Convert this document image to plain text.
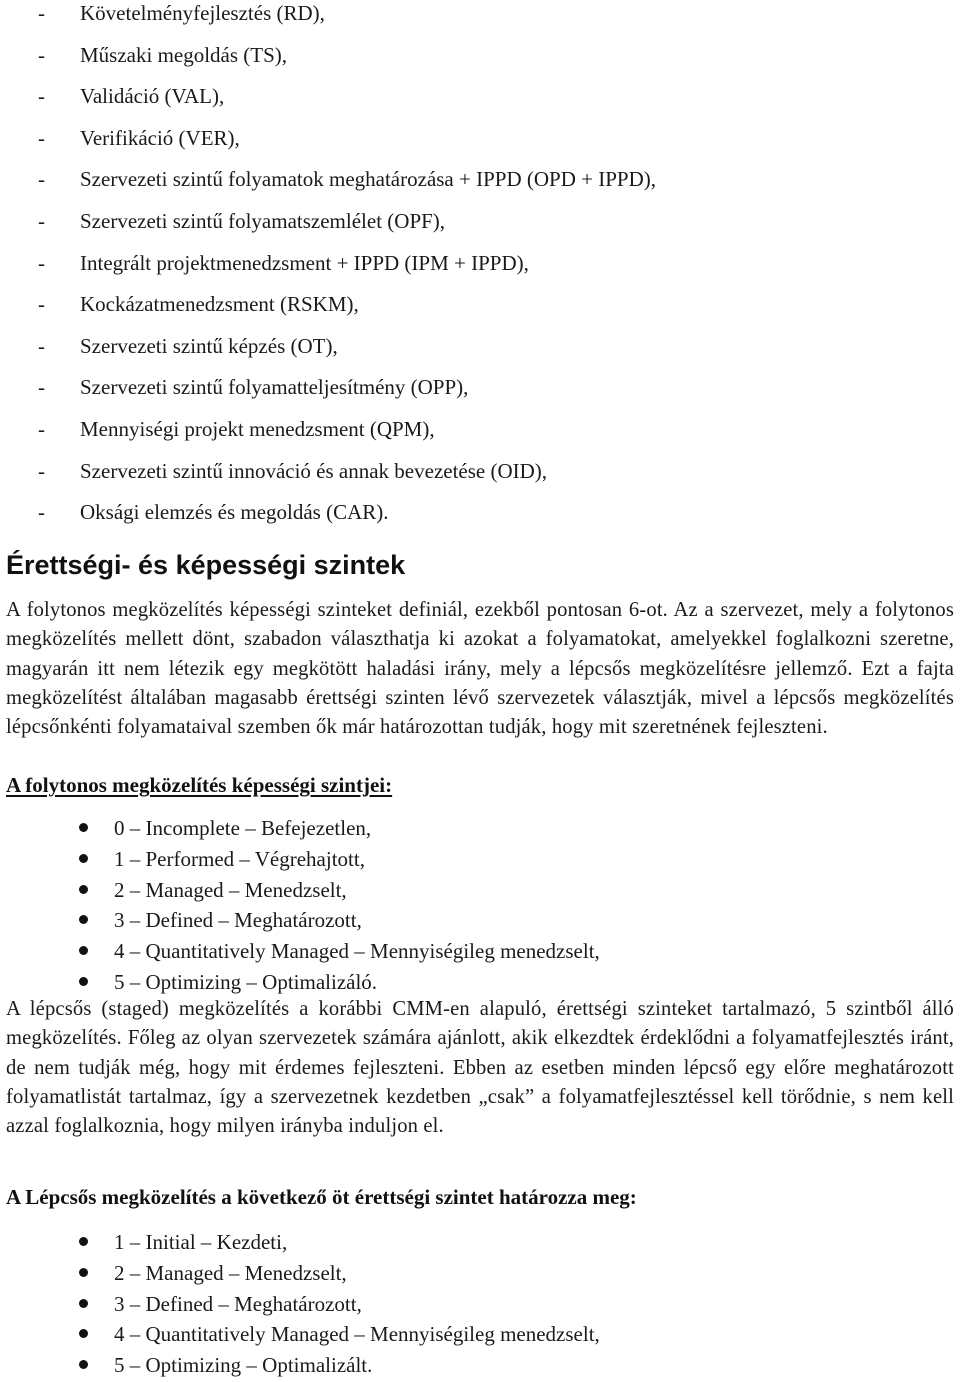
- Követelményfejlesztés (RD),
- Műszaki megoldás (TS),
- Validáció (VAL),
- Verifikáció (VER),
- Szervezeti szintű folyamatok meghatározása + IPPD (OPD + IPPD),
- Szervezeti szintű folyamatszemlélet (OPF),
- Integrált projektmenedzsment + IPPD (IPM + IPPD),
- Kockázatmenedzsment (RSKM),
- Szervezeti szintű képzés (OT),
- Szervezeti szintű folyamatteljesítmény (OPP),
- Mennyiségi projekt menedzsment (QPM),
- Szervezeti szintű innováció és annak bevezetése (OID),
- Oksági elemzés és megoldás (CAR).
Érettségi- és képességi szintek

A folytonos megközelítés képességi szinteket definiál, ezekből pontosan 6-ot. Az a szervezet, mely a folytonos megközelítés mellett dönt, szabadon választhatja ki azokat a folyamatokat, amelyekkel foglalkozni szeretne, magyarán itt nem létezik egy megkötött haladási irány, mely a lépcsős megközelítésre jellemző. Ezt a fajta megközelítést általában magasabb érettségi szinten lévő szervezetek választják, mivel a lépcsős megközelítés lépcsőnkénti folyamataival szemben ők már határozottan tudják, hogy mit szeretnének fejleszteni.

A folytonos megközelítés képességi szintjei:

0 – Incomplete – Befejezetlen,
1 – Performed – Végrehajtott,
2 – Managed – Menedzselt,
3 – Defined – Meghatározott,
4 – Quantitatively Managed – Mennyiségileg menedzselt,
5 – Optimizing – Optimalizáló.

A lépcsős (staged) megközelítés a korábbi CMM-en alapuló, érettségi szinteket tartalmazó, 5 szintből álló megközelítés. Főleg az olyan szervezetek számára ajánlott, akik elkezdtek érdeklődni a folyamatfejlesztés iránt, de nem tudják még, hogy mit érdemes fejleszteni. Ebben az esetben minden lépcső egy előre meghatározott folyamatlistát tartalmaz, így a szervezetnek kezdetben „csak” a folyamatfejlesztéssel kell törődnie, s nem kell azzal foglalkoznia, hogy milyen irányba induljon el.

A Lépcsős megközelítés a következő öt érettségi szintet határozza meg:

1 – Initial – Kezdeti,
2 – Managed – Menedzselt,
3 – Defined – Meghatározott,
4 – Quantitatively Managed – Mennyiségileg menedzselt,
5 – Optimizing – Optimalizált.
